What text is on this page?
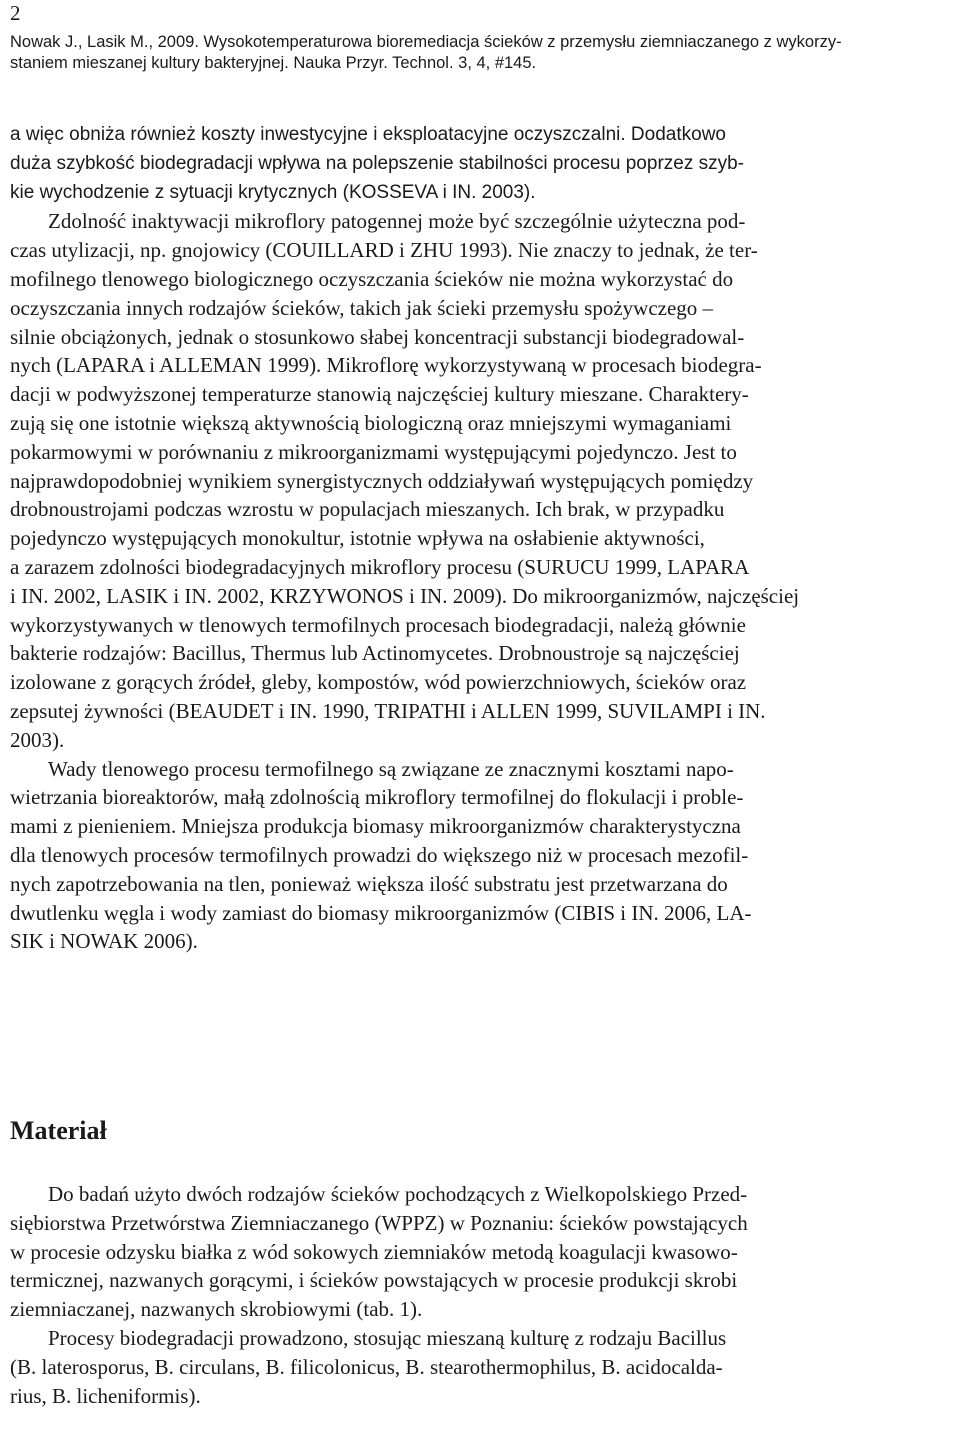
2
Nowak J., Lasik M., 2009. Wysokotemperaturowa bioremediacja ścieków z przemysłu ziemniaczanego z wykorzy-
staniem mieszanej kultury bakteryjnej. Nauka Przyr. Technol. 3, 4, #145.

a więc obniża również koszty inwestycyjne i eksploatacyjne oczyszczalni. Dodatkowo
duża szybkość biodegradacji wpływa na polepszenie stabilności procesu poprzez szyb-
kie wychodzenie z sytuacji krytycznych (KOSSEVA i IN. 2003).

Zdolność inaktywacji mikroflory patogennej może być szczególnie użyteczna pod-
czas utylizacji, np. gnojowicy (COUILLARD i ZHU 1993). Nie znaczy to jednak, że ter-
mofilnego tlenowego biologicznego oczyszczania ścieków nie można wykorzystać do
oczyszczania innych rodzajów ścieków, takich jak ścieki przemysłu spożywczego –
silnie obciążonych, jednak o stosunkowo słabej koncentracji substancji biodegradowal-
nych (LAPARA i ALLEMAN 1999). Mikroflorę wykorzystywaną w procesach biodegra-
dacji w podwyższonej temperaturze stanowią najczęściej kultury mieszane. Charaktery-
zują się one istotnie większą aktywnością biologiczną oraz mniejszymi wymaganiami
pokarmowymi w porównaniu z mikroorganizmami występującymi pojedynczo. Jest to
najprawdopodobniej wynikiem synergistycznych oddziaływań występujących pomiędzy
drobnoustrojami podczas wzrostu w populacjach mieszanych. Ich brak, w przypadku
pojedynczo występujących monokultur, istotnie wpływa na osłabienie aktywności,
a zarazem zdolności biodegradacyjnych mikroflory procesu (SURUCU 1999, LAPARA
i IN. 2002, LASIK i IN. 2002, KRZYWONOS i IN. 2009). Do mikroorganizmów, najczęściej
wykorzystywanych w tlenowych termofilnych procesach biodegradacji, należą głównie
bakterie rodzajów: Bacillus, Thermus lub Actinomycetes. Drobnoustroje są najczęściej
izolowane z gorących źródeł, gleby, kompostów, wód powierzchniowych, ścieków oraz
zepsutej żywności (BEAUDET i IN. 1990, TRIPATHI i ALLEN 1999, SUVILAMPI i IN.
2003).

Wady tlenowego procesu termofilnego są związane ze znacznymi kosztami napo-
wietrzania bioreaktorów, małą zdolnością mikroflory termofilnej do flokulacji i proble-
mami z pienieniem. Mniejsza produkcja biomasy mikroorganizmów charakterystyczna
dla tlenowych procesów termofilnych prowadzi do większego niż w procesach mezofil-
nych zapotrzebowania na tlen, ponieważ większa ilość substratu jest przetwarzana do
dwutlenku węgla i wody zamiast do biomasy mikroorganizmów (CIBIS i IN. 2006, LA-
SIK i NOWAK 2006).

Materiał

Do badań użyto dwóch rodzajów ścieków pochodzących z Wielkopolskiego Przed-
siębiorstwa Przetwórstwa Ziemniaczanego (WPPZ) w Poznaniu: ścieków powstających
w procesie odzysku białka z wód sokowych ziemniaków metodą koagulacji kwasowo-
termicznej, nazwanych gorącymi, i ścieków powstających w procesie produkcji skrobi
ziemniaczanej, nazwanych skrobiowymi (tab. 1).

Procesy biodegradacji prowadzono, stosując mieszaną kulturę z rodzaju Bacillus
(B. laterosporus, B. circulans, B. filicolonicus, B. stearothermophilus, B. acidocalda-
rius, B. licheniformis).
